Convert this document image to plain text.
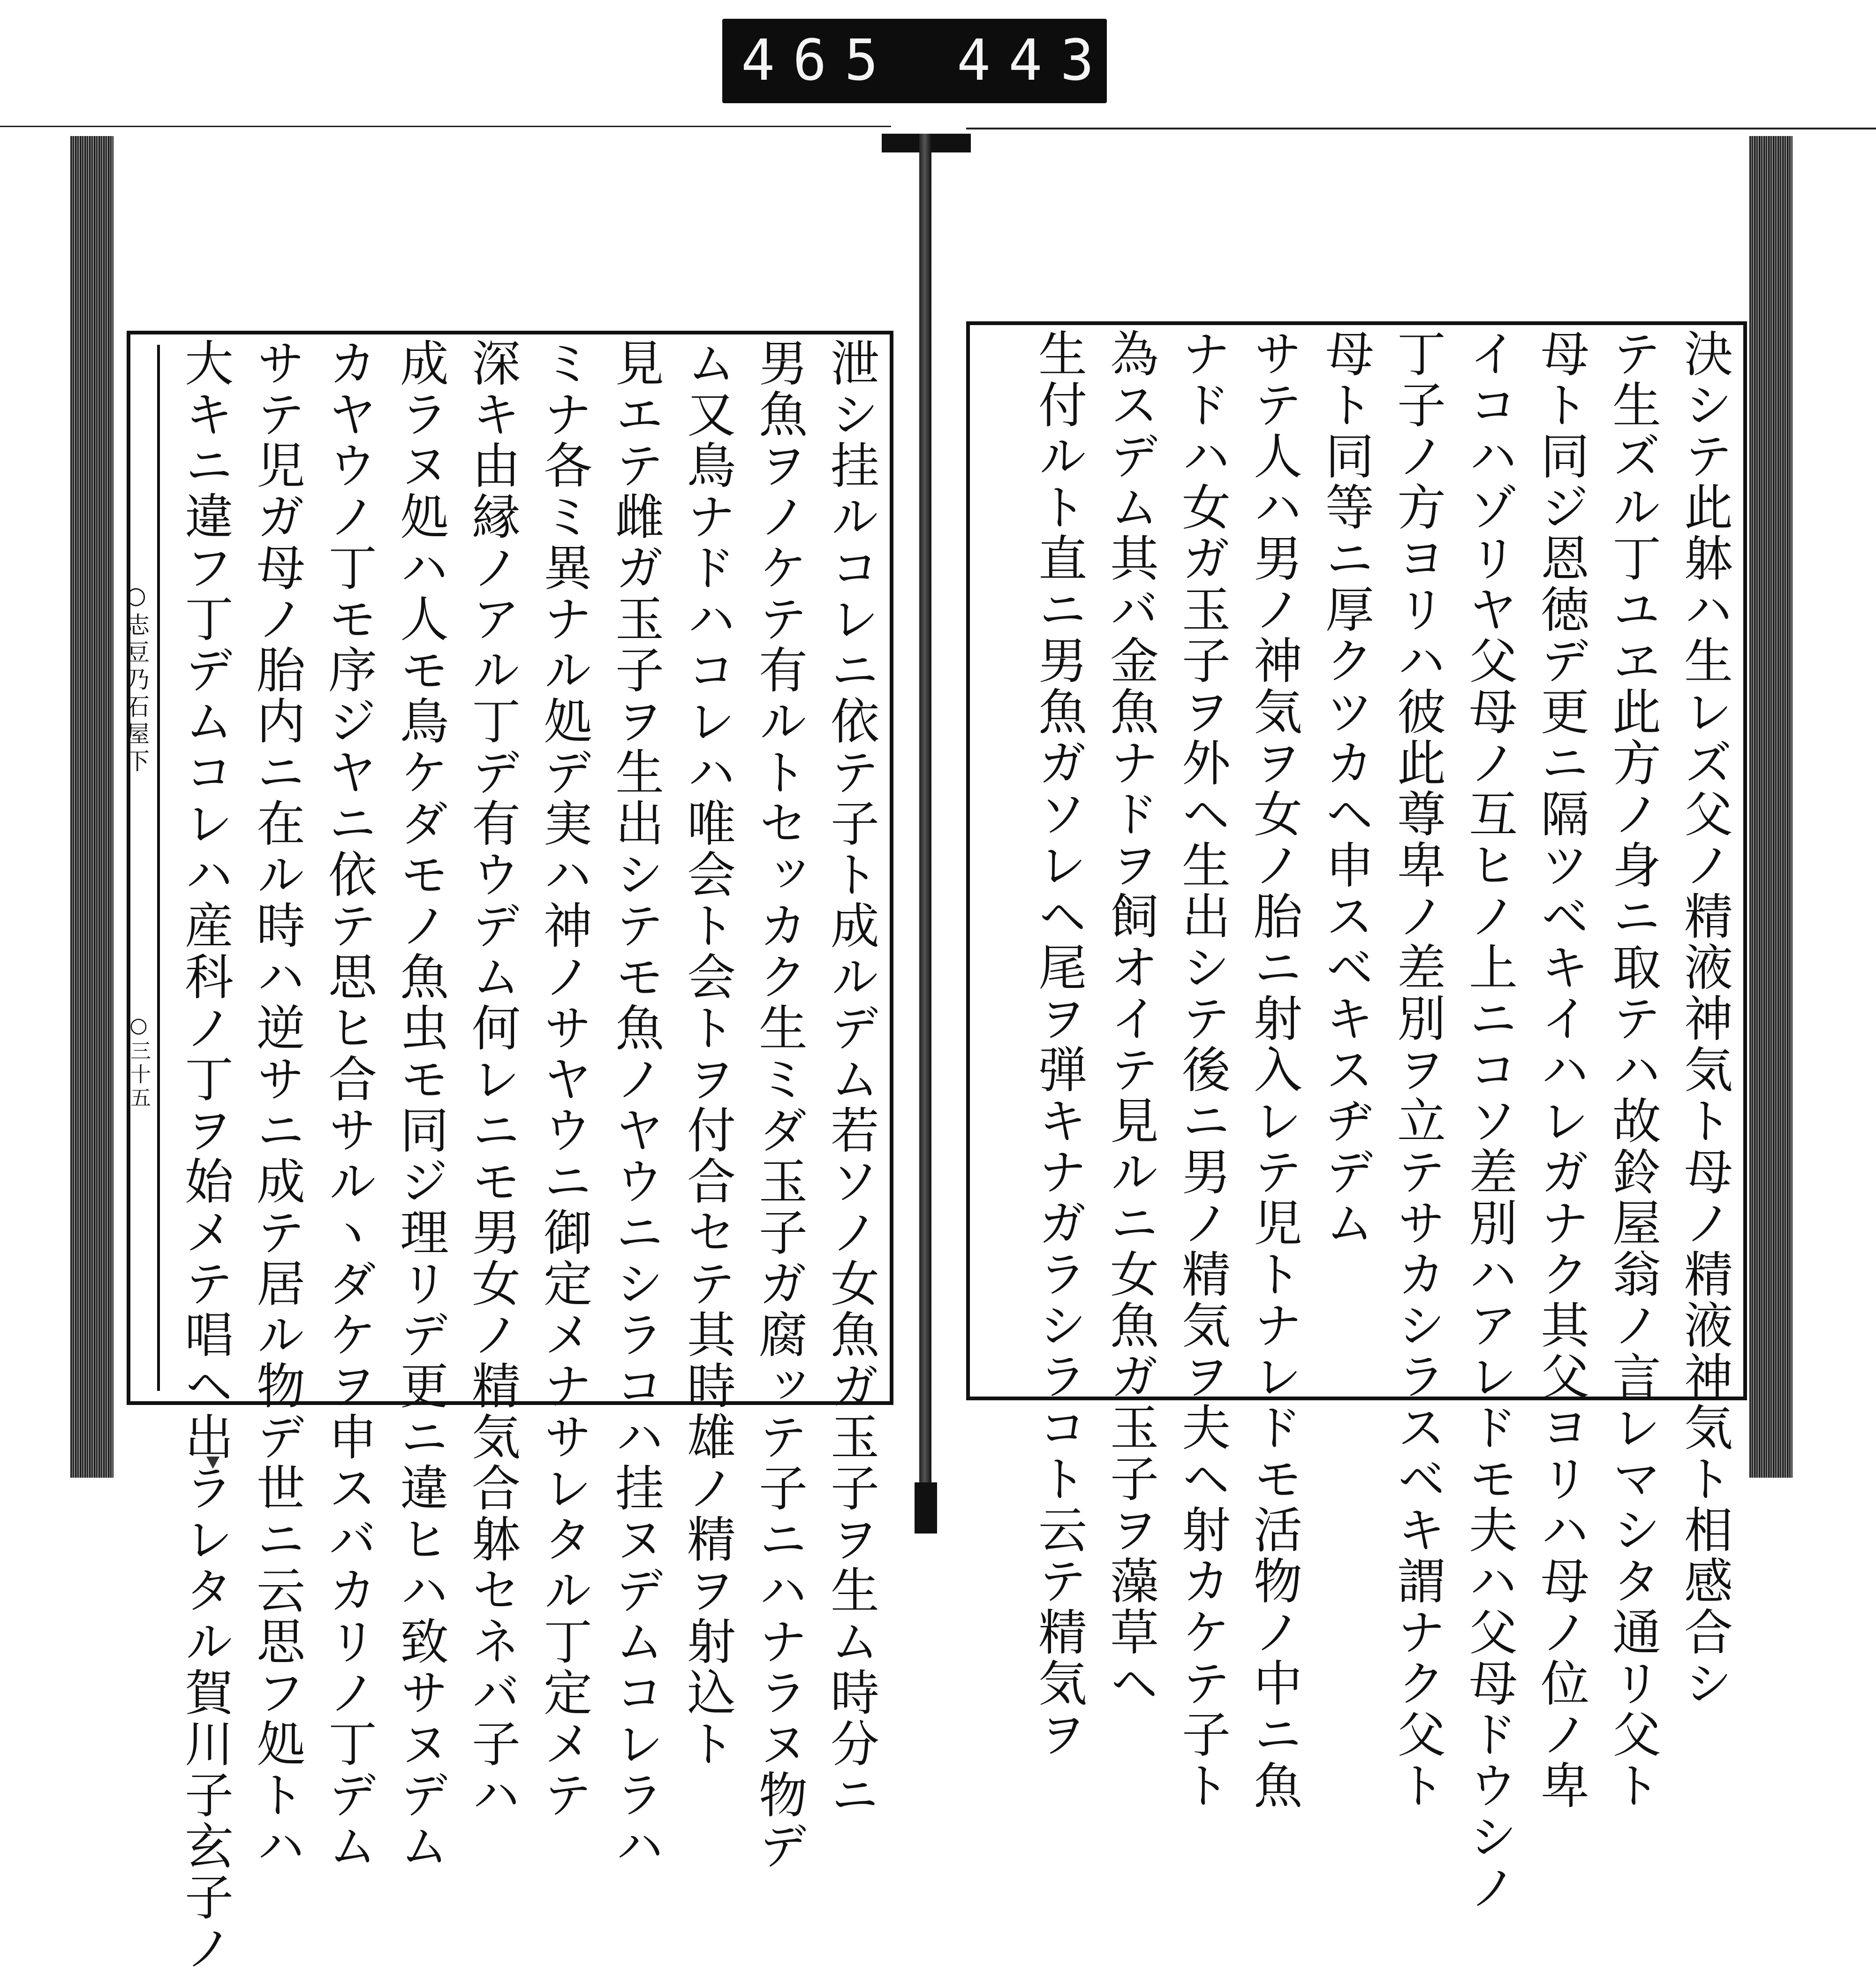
465 443
決シテ此躰ハ生レズ父ノ精液神気ト母ノ精液神気ト相感合シ
テ生ズル丁ユヱ此方ノ身ニ取テハ故鈴屋翁ノ言レマシタ通リ父ト
母ト同ジ恩徳デ更ニ隔ツベキイハレガナク其父ヨリハ母ノ位ノ卑
イコハゾリヤ父母ノ互ヒノ上ニコソ差別ハアレドモ夫ハ父母ドウシノ
丁子ノ方ヨリハ彼此尊卑ノ差別ヲ立テサカシラスベキ謂ナク父ト
母ト同等ニ厚クツカヘ申スベキスヂデム
サテ人ハ男ノ神気ヲ女ノ胎ニ射入レテ児トナレドモ活物ノ中ニ魚
ナドハ女ガ玉子ヲ外ヘ生出シテ後ニ男ノ精気ヲ夫ヘ射カケテ子ト
為スデム其バ金魚ナドヲ飼オイテ見ルニ女魚ガ玉子ヲ藻草ヘ
生付ルト直ニ男魚ガソレヘ尾ヲ弾キナガラシラコト云テ精気ヲ
泄シ挂ルコレニ依テ子ト成ルデム若ソノ女魚ガ玉子ヲ生ム時分ニ
男魚ヲノケテ有ルトセッカク生ミダ玉子ガ腐ッテ子ニハナラヌ物デ
ム又鳥ナドハコレハ唯会ト会トヲ付合セテ其時雄ノ精ヲ射込ト
見エテ雌ガ玉子ヲ生出シテモ魚ノヤウニシラコハ挂ヌデムコレラハ
ミナ各ミ異ナル処デ実ハ神ノサヤウニ御定メナサレタル丁定メテ
深キ由縁ノアル丁デ有ウデム何レニモ男女ノ精気合躰セネバ子ハ
成ラヌ処ハ人モ鳥ケダモノ魚虫モ同ジ理リデ更ニ違ヒハ致サヌデム
カヤウノ丁モ序ジヤニ依テ思ヒ合サルヽダケヲ申スバカリノ丁デム
サテ児ガ母ノ胎内ニ在ル時ハ逆サニ成テ居ル物デ世ニ云思フ処トハ
大キニ違フ丁デムコレハ産科ノ丁ヲ始メテ唱ヘ出ラレタル賀川子玄子ノ
○志豆乃石屋下
○三十五
